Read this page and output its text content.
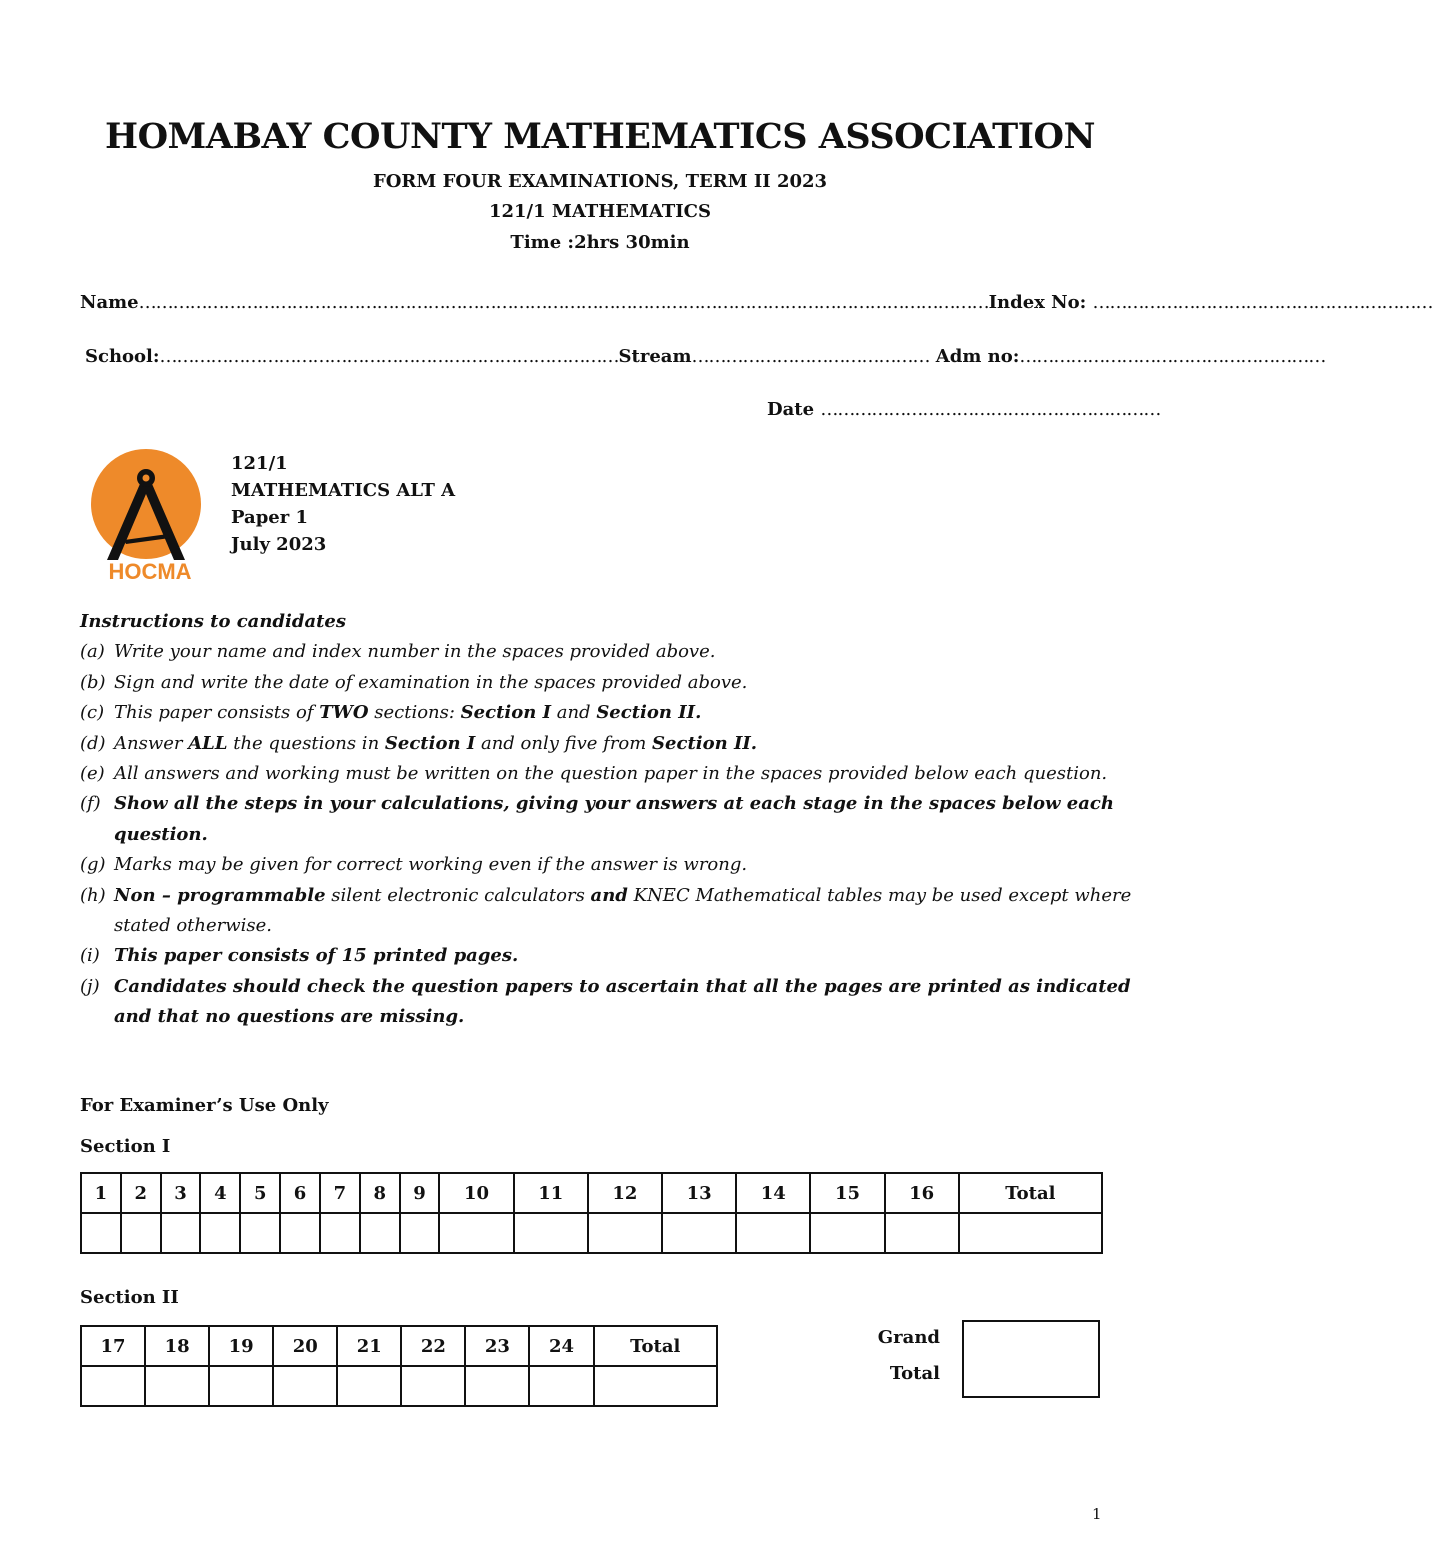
HOMABAY COUNTY MATHEMATICS ASSOCIATION
FORM FOUR EXAMINATIONS, TERM II 2023
121/1 MATHEMATICS
Time :2hrs 30min
Name……………………………………………………………………………………………………………………………………Index No: ……………………………………………………
School:………………………………………………………………………Stream…………………………………… Adm no:………………………………………………
Date ……………………………………………………
HOCMA
121/1
MATHEMATICS ALT A
Paper 1
July 2023
Instructions to candidates
(a) Write your name and index number in the spaces provided above.
(b) Sign and write the date of examination in the spaces provided above.
(c) This paper consists of TWO sections: Section I and Section II.
(d) Answer ALL the questions in Section I and only five from Section II.
(e) All answers and working must be written on the question paper in the spaces provided below each question.
(f) Show all the steps in your calculations, giving your answers at each stage in the spaces below each question.
(g) Marks may be given for correct working even if the answer is wrong.
(h) Non – programmable silent electronic calculators and KNEC Mathematical tables may be used except where stated otherwise.
(i) This paper consists of 15 printed pages.
(j) Candidates should check the question papers to ascertain that all the pages are printed as indicated and that no questions are missing.
For Examiner’s Use Only
Section I
1	2	3	4	5	6	7	8	9	10	11	12	13	14	15	16	Total

Section II
17	18	19	20	21	22	23	24	Total
									Grand
Total
1
